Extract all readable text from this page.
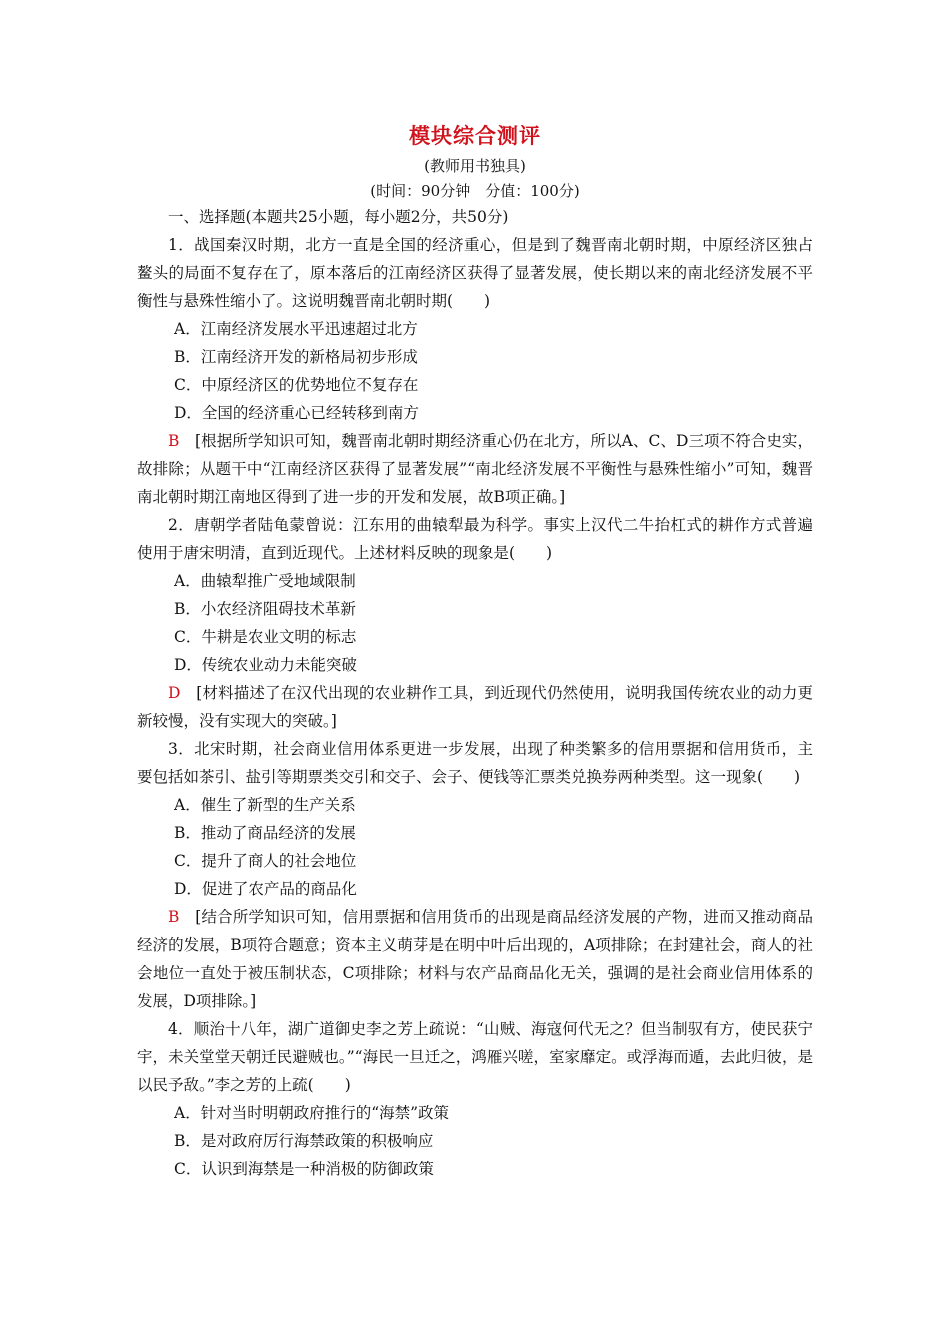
模块综合测评
(教师用书独具)
(时间：90分钟　分值：100分)

一、选择题(本题共25小题，每小题2分，共50分)

1．战国秦汉时期，北方一直是全国的经济重心，但是到了魏晋南北朝时期，中原经济区独占鳌头的局面不复存在了，原本落后的江南经济区获得了显著发展，使长期以来的南北经济发展不平衡性与悬殊性缩小了。这说明魏晋南北朝时期(　　)

A．江南经济发展水平迅速超过北方

B．江南经济开发的新格局初步形成

C．中原经济区的优势地位不复存在

D．全国的经济重心已经转移到南方

B　[根据所学知识可知，魏晋南北朝时期经济重心仍在北方，所以A、C、D三项不符合史实，故排除；从题干中“江南经济区获得了显著发展”“南北经济发展不平衡性与悬殊性缩小”可知，魏晋南北朝时期江南地区得到了进一步的开发和发展，故B项正确。]

2．唐朝学者陆龟蒙曾说：江东用的曲辕犁最为科学。事实上汉代二牛抬杠式的耕作方式普遍使用于唐宋明清，直到近现代。上述材料反映的现象是(　　)

A．曲辕犁推广受地域限制

B．小农经济阻碍技术革新

C．牛耕是农业文明的标志

D．传统农业动力未能突破

D　[材料描述了在汉代出现的农业耕作工具，到近现代仍然使用，说明我国传统农业的动力更新较慢，没有实现大的突破。]

3．北宋时期，社会商业信用体系更进一步发展，出现了种类繁多的信用票据和信用货币，主要包括如茶引、盐引等期票类交引和交子、会子、便钱等汇票类兑换券两种类型。这一现象(　　)

A．催生了新型的生产关系

B．推动了商品经济的发展

C．提升了商人的社会地位

D．促进了农产品的商品化

B　[结合所学知识可知，信用票据和信用货币的出现是商品经济发展的产物，进而又推动商品经济的发展，B项符合题意；资本主义萌芽是在明中叶后出现的，A项排除；在封建社会，商人的社会地位一直处于被压制状态，C项排除；材料与农产品商品化无关，强调的是社会商业信用体系的发展，D项排除。]

4．顺治十八年，湖广道御史李之芳上疏说：“山贼、海寇何代无之？但当制驭有方，使民获宁宇，未关堂堂天朝迁民避贼也。”“海民一旦迁之，鸿雁兴嗟，室家靡定。或浮海而遁，去此归彼，是以民予敌。”李之芳的上疏(　　)

A．针对当时明朝政府推行的“海禁”政策

B．是对政府厉行海禁政策的积极响应

C．认识到海禁是一种消极的防御政策
